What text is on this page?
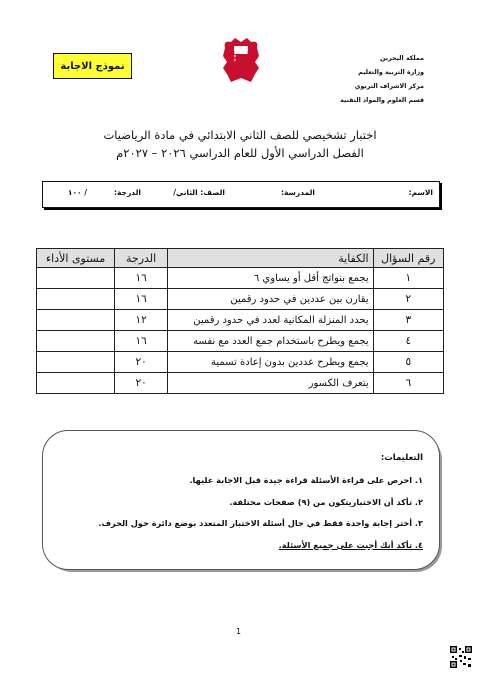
نموذج الاجابة
مملكة البحرين
وزارة التربية والتعليم
مركز الاشراف التربوي
قسم العلوم والمواد التقنية
اختبار تشخيصي للصف الثاني الابتدائي في مادة الرياضيات
الفصل الدراسي الأول للعام الدراسي ٢٠٢٦ – ٢٠٢٧م
الاسم:
المدرسة:
الصف: الثاني/
الدرجة:
/ ١٠٠
رقم السؤال	الكفاية	الدرجة	مستوى الأداء
١	يجمع بنواتج أقل أو يساوي ٦	١٦	
٢	يقارن بين عددين في حدود رقمين	١٦	
٣	يحدد المنزلة المكانية لعدد في حدود رقمين	١٢	
٤	يجمع ويطرح باستخدام جمع العدد مع نفسه	١٦	
٥	يجمع ويطرح عددين بدون إعادة تسمية	٢٠	
٦	يتعرف الكسور	٢٠	
التعليمات:
١. احرص على قراءة الأسئلة قراءة جيدة قبل الاجابة عليها.
٢. تأكد أن الاختباريتكون من (٩) صفحات مختلفة.
٣. أختر إجابة واحدة فقط في حال أسئلة الاختبار المتعدد بوضع دائرة حول الحرف.
٤. تأكد أنك أجبت على جميع الأسئلة.
1
